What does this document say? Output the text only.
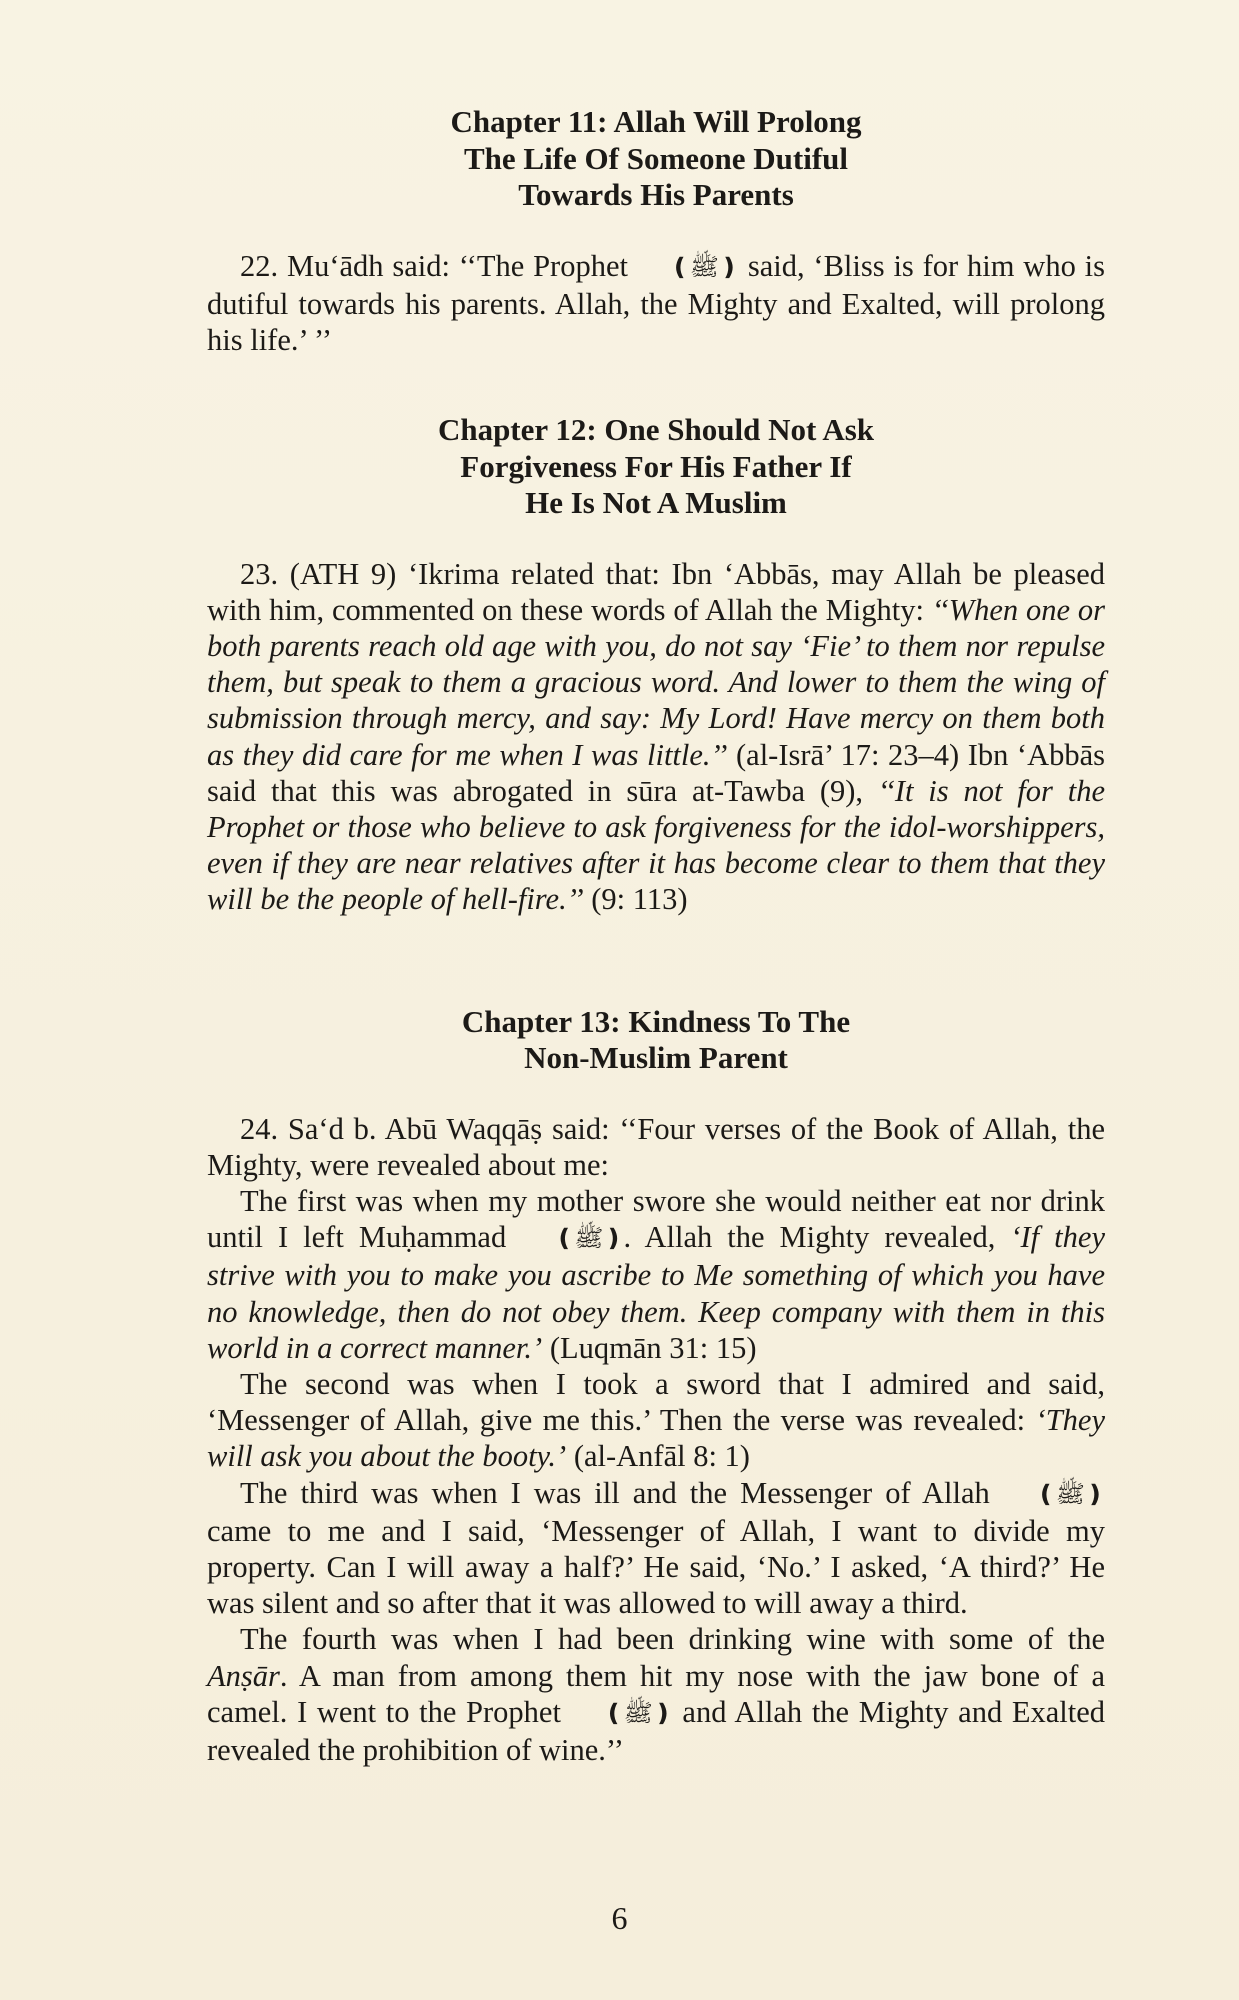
Chapter 11: Allah Will Prolong
The Life Of Someone Dutiful
Towards His Parents

22. Mu‘ādh said: ‘‘The Prophet ❪ﷺ❫ said, ‘Bliss is for him who is dutiful towards his parents. Allah, the Mighty and Exalted, will prolong his life.’ ’’

Chapter 12: One Should Not Ask
Forgiveness For His Father If
He Is Not A Muslim

23. (ATH 9) ‘Ikrima related that: Ibn ‘Abbās, may Allah be pleased with him, commented on these words of Allah the Mighty: ‘‘When one or both parents reach old age with you, do not say ‘Fie’ to them nor repulse them, but speak to them a gracious word. And lower to them the wing of submission through mercy, and say: My Lord! Have mercy on them both as they did care for me when I was little.’’ (al-Isrā’ 17: 23–4) Ibn ‘Abbās said that this was abrogated in sūra at-Tawba (9), ‘‘It is not for the Prophet or those who believe to ask forgiveness for the idol-worshippers, even if they are near relatives after it has become clear to them that they will be the people of hell-fire.’’ (9: 113)

Chapter 13: Kindness To The
Non-Muslim Parent

24. Sa‘d b. Abū Waqqāṣ said: ‘‘Four verses of the Book of Allah, the Mighty, were revealed about me:

The first was when my mother swore she would neither eat nor drink until I left Muḥammad ❪ﷺ❫. Allah the Mighty revealed, ‘If they strive with you to make you ascribe to Me something of which you have no knowledge, then do not obey them. Keep company with them in this world in a correct manner.’ (Luqmān 31: 15)

The second was when I took a sword that I admired and said, ‘Messenger of Allah, give me this.’ Then the verse was revealed: ‘They will ask you about the booty.’ (al-Anfāl 8: 1)

The third was when I was ill and the Messenger of Allah ❪ﷺ❫ came to me and I said, ‘Messenger of Allah, I want to divide my property. Can I will away a half?’ He said, ‘No.’ I asked, ‘A third?’ He was silent and so after that it was allowed to will away a third.

The fourth was when I had been drinking wine with some of the Anṣār. A man from among them hit my nose with the jaw bone of a camel. I went to the Prophet ❪ﷺ❫ and Allah the Mighty and Exalted revealed the prohibition of wine.’’

6
